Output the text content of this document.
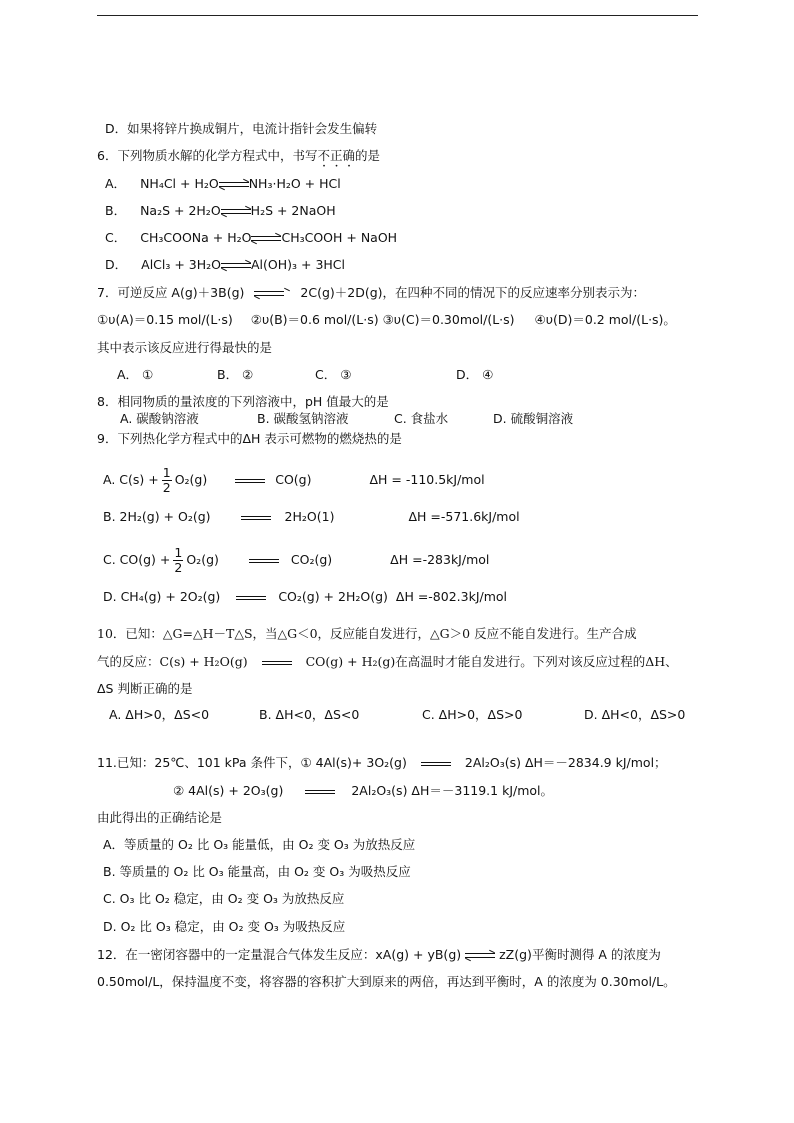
D．如果将锌片换成铜片，电流计指针会发生偏转
6．下列物质水解的化学方程式中，书写不正确的是
A． NH₄Cl + H₂O NH₃·H₂O + HCl
B． Na₂S + 2H₂O H₂S + 2NaOH
C． CH₃COONa + H₂O CH₃COOH + NaOH
D． AlCl₃ + 3H₂O Al(OH)₃ + 3HCl
7．可逆反应 A(g)＋3B(g)	2C(g)＋2D(g)，在四种不同的情况下的反应速率分别表示为：
①υ(A)＝0.15 mol/(L·s) ②υ(B)＝0.6 mol/(L·s) ③υ(C)＝0.30mol/(L·s) ④υ(D)＝0.2 mol/(L·s)。
其中表示该反应进行得最快的是
A． ①	B． ②	C． ③	D． ④
8．相同物质的量浓度的下列溶液中，pH 值最大的是
A. 碳酸钠溶液	B. 碳酸氢钠溶液	C. 食盐水	D. 硫酸铜溶液
9．下列热化学方程式中的ΔH 表示可燃物的燃烧热的是
A. $C(s) + \frac{1}{2} O_2(g)$	CO(g)	ΔH = -110.5kJ/mol
B. 2H₂(g) + O₂(g)	2H₂O(1)	ΔH =-571.6kJ/mol
C. $CO(g) + \frac{1}{2} O_2(g)$	CO₂(g)	ΔH =-283kJ/mol
D. CH₄(g) + 2O₂(g)	CO₂(g) + 2H₂O(g) ΔH =-802.3kJ/mol
10．已知：△G=△H－T△S，当△G＜0，反应能自发进行，△G＞0 反应不能自发进行。生产合成
气的反应：C(s) + H₂O(g)	CO(g) + H₂(g)在高温时才能自发进行。下列对该反应过程的ΔH、
ΔS 判断正确的是
A. ΔH>0，ΔS<0	B. ΔH<0，ΔS<0	C. ΔH>0，ΔS>0	D. ΔH<0，ΔS>0
11.已知：25℃、101 kPa 条件下，① 4Al(s)+ 3O₂(g)	2Al₂O₃(s) ΔH＝－2834.9 kJ/mol；
② 4Al(s) + 2O₃(g)	2Al₂O₃(s) ΔH＝－3119.1 kJ/mol。
由此得出的正确结论是
A．等质量的 O₂ 比 O₃ 能量低，由 O₂ 变 O₃ 为放热反应
B. 等质量的 O₂ 比 O₃ 能量高，由 O₂ 变 O₃ 为吸热反应
C. O₃ 比 O₂ 稳定，由 O₂ 变 O₃ 为放热反应
D. O₂ 比 O₃ 稳定，由 O₂ 变 O₃ 为吸热反应
12．在一密闭容器中的一定量混合气体发生反应：xA(g) + yB(g)	zZ(g)平衡时测得 A 的浓度为
0.50mol/L，保持温度不变，将容器的容积扩大到原来的两倍，再达到平衡时，A 的浓度为 0.30mol/L。
